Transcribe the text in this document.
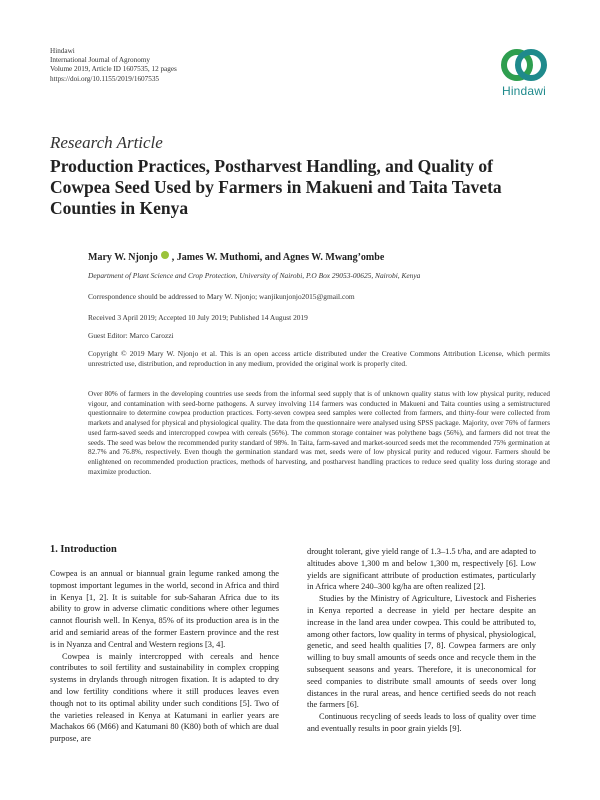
Hindawi
International Journal of Agronomy
Volume 2019, Article ID 1607535, 12 pages
https://doi.org/10.1155/2019/1607535
Hindawi
Research Article
Production Practices, Postharvest Handling, and Quality of
Cowpea Seed Used by Farmers in Makueni and Taita Taveta
Counties in Kenya
Mary W. Njonjo , James W. Muthomi, and Agnes W. Mwang’ombe
Department of Plant Science and Crop Protection, University of Nairobi, P.O Box 29053-00625, Nairobi, Kenya
Correspondence should be addressed to Mary W. Njonjo; wanjikunjonjo2015@gmail.com
Received 3 April 2019; Accepted 10 July 2019; Published 14 August 2019
Guest Editor: Marco Carozzi
Copyright © 2019 Mary W. Njonjo et al. This is an open access article distributed under the Creative Commons Attribution License, which permits unrestricted use, distribution, and reproduction in any medium, provided the original work is properly cited.
Over 80% of farmers in the developing countries use seeds from the informal seed supply that is of unknown quality status with low physical purity, reduced vigour, and contamination with seed-borne pathogens. A survey involving 114 farmers was conducted in Makueni and Taita counties using a semistructured questionnaire to determine cowpea production practices. Forty-seven cowpea seed samples were collected from farmers, and thirty-four were collected from markets and analysed for physical and physiological quality. The data from the questionnaire were analysed using SPSS package. Majority, over 76% of farmers used farm-saved seeds and intercropped cowpea with cereals (56%). The common storage container was polythene bags (56%), and farmers did not treat the seeds. The seed was below the recommended purity standard of 98%. In Taita, farm-saved and market-sourced seeds met the recommended 75% germination at 82.7% and 76.8%, respectively. Even though the germination standard was met, seeds were of low physical purity and reduced vigour. Farmers should be enlightened on recommended production practices, methods of harvesting, and postharvest handling practices to reduce seed quality loss during storage and maximize production.
1. Introduction

Cowpea is an annual or biannual grain legume ranked among the topmost important legumes in the world, second in Africa and third in Kenya [1, 2]. It is suitable for sub-Saharan Africa due to its ability to grow in adverse climatic conditions where other legumes cannot flourish well. In Kenya, 85% of its production area is in the arid and semiarid areas of the former Eastern province and the rest is in Nyanza and Central and Western regions [3, 4].

Cowpea is mainly intercropped with cereals and hence contributes to soil fertility and sustainability in complex cropping systems in drylands through nitrogen fixation. It is adapted to dry and low fertility conditions where it still produces leaves even though not to its optimal ability under such conditions [5]. Two of the varieties released in Kenya at Katumani in earlier years are Machakos 66 (M66) and Katumani 80 (K80) both of which are dual purpose, are

drought tolerant, give yield range of 1.3–1.5 t/ha, and are adapted to altitudes above 1,300 m and below 1,300 m, respectively [6]. Low yields are significant attribute of production estimates, particularly in Africa where 240–300 kg/ha are often realized [2].

Studies by the Ministry of Agriculture, Livestock and Fisheries in Kenya reported a decrease in yield per hectare despite an increase in the land area under cowpea. This could be attributed to, among other factors, low quality in terms of physical, physiological, genetic, and seed health qualities [7, 8]. Cowpea farmers are only willing to buy small amounts of seeds once and recycle them in the subsequent seasons and years. Therefore, it is uneconomical for seed companies to distribute small amounts of seeds over long distances in the rural areas, and hence certified seeds do not reach the farmers [6].

Continuous recycling of seeds leads to loss of quality over time and eventually results in poor grain yields [9].
